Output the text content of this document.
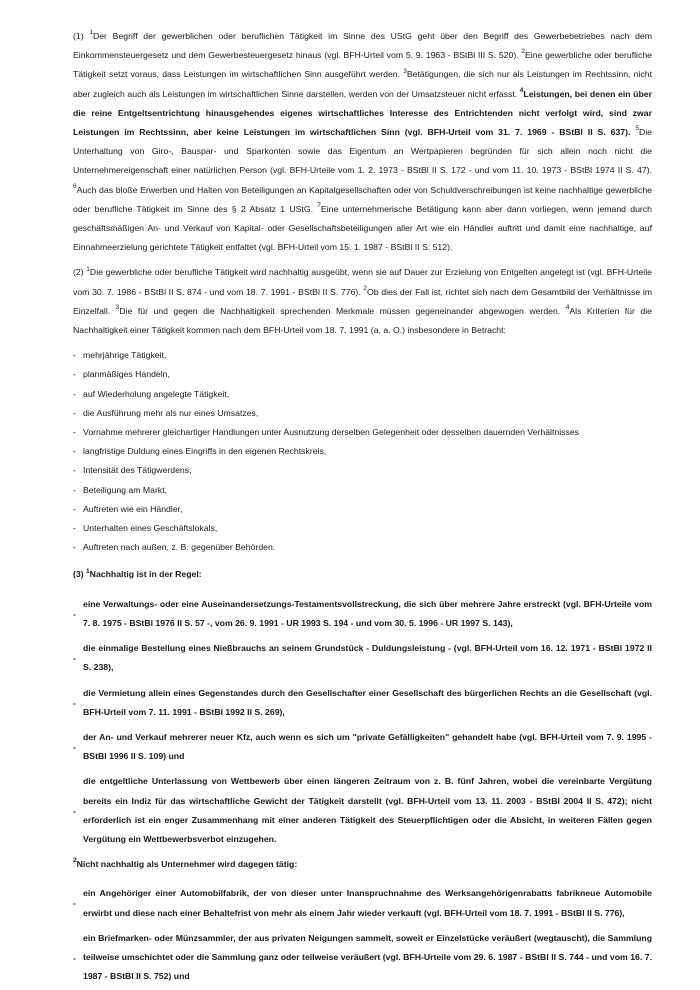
(1) $^1$Der Begriff der gewerblichen oder beruflichen Tätigkeit im Sinne des UStG geht über den Begriff des Gewerbebetriebes nach dem Einkommensteuergesetz und dem Gewerbesteuergesetz hinaus (vgl. BFH-Urteil vom 5. 9. 1963 - BStBl III S. 520). $^2$Eine gewerbliche oder berufliche Tätigkeit setzt voraus, dass Leistungen im wirtschaftlichen Sinn ausgeführt werden. $^3$Betätigungen, die sich nur als Leistungen im Rechtssinn, nicht aber zugleich auch als Leistungen im wirtschaftlichen Sinne darstellen, werden von der Umsatzsteuer nicht erfasst. $^4$Leistungen, bei denen ein über die reine Entgeltsentrichtung hinausgehendes eigenes wirtschaftliches Interesse des Entrichtenden nicht verfolgt wird, sind zwar Leistungen im Rechtssinn, aber keine Leistungen im wirtschaftlichen Sinn (vgl. BFH-Urteil vom 31. 7. 1969 - BStBl II S. 637). $^5$Die Unterhaltung von Giro-, Bauspar- und Sparkonten sowie das Eigentum an Wertpapieren begründen für sich allein noch nicht die Unternehmereigenschaft einer natürlichen Person (vgl. BFH-Urteile vom 1. 2. 1973 - BStBl II S. 172 - und vom 11. 10. 1973 - BStBl 1974 II S. 47). $^6$Auch das bloße Erwerben und Halten von Beteiligungen an Kapitalgesellschaften oder von Schuldverschreibungen ist keine nachhaltige gewerbliche oder berufliche Tätigkeit im Sinne des § 2 Absatz 1 UStG. $^7$Eine unternehmerische Betätigung kann aber dann vorliegen, wenn jemand durch geschäftsmäßigen An- und Verkauf von Kapital- oder Gesellschaftsbeteiligungen aller Art wie ein Händler auftritt und damit eine nachhaltige, auf Einnahmeerzielung gerichtete Tätigkeit entfaltet (vgl. BFH-Urteil vom 15. 1. 1987 - BStBl II S. 512).

(2) $^1$Die gewerbliche oder berufliche Tätigkeit wird nachhaltig ausgeübt, wenn sie auf Dauer zur Erzielung von Entgelten angelegt ist (vgl. BFH-Urteile vom 30. 7. 1986 - BStBl II S. 874 - und vom 18. 7. 1991 - BStBl II S. 776). $^2$Ob dies der Fall ist, richtet sich nach dem Gesamtbild der Verhältnisse im Einzelfall. $^3$Die für und gegen die Nachhaltigkeit sprechenden Merkmale müssen gegeneinander abgewogen werden. $^4$Als Kriterien für die Nachhaltigkeit einer Tätigkeit kommen nach dem BFH-Urteil vom 18. 7. 1991 (a. a. O.) insbesondere in Betracht:

- mehrjährige Tätigkeit,
- planmäßiges Handeln,
- auf Wiederholung angelegte Tätigkeit,
- die Ausführung mehr als nur eines Umsatzes,
- Vornahme mehrerer gleichartiger Handlungen unter Ausnutzung derselben Gelegenheit oder desselben dauernden Verhältnisses
- langfristige Duldung eines Eingriffs in den eigenen Rechtskreis,
- Intensität des Tätigwerdens,
- Beteiligung am Markt,
- Auftreten wie ein Händler,
- Unterhalten eines Geschäftslokals,
- Auftreten nach außen, z. B. gegenüber Behörden.

(3) $^1$Nachhaltig ist in der Regel:

-
eine Verwaltungs- oder eine Auseinandersetzungs-Testamentsvollstreckung, die sich über mehrere Jahre erstreckt (vgl. BFH-Urteile vom 7. 8. 1975 - BStBl 1976 II S. 57 -, vom 26. 9. 1991 - UR 1993 S. 194 - und vom 30. 5. 1996 - UR 1997 S. 143),
-
die einmalige Bestellung eines Nießbrauchs an seinem Grundstück - Duldungsleistung - (vgl. BFH-Urteil vom 16. 12. 1971 - BStBl 1972 II S. 238),
-
die Vermietung allein eines Gegenstandes durch den Gesellschafter einer Gesellschaft des bürgerlichen Rechts an die Gesellschaft (vgl. BFH-Urteil vom 7. 11. 1991 - BStBl 1992 II S. 269),
-
der An- und Verkauf mehrerer neuer Kfz, auch wenn es sich um "private Gefälligkeiten" gehandelt habe (vgl. BFH-Urteil vom 7. 9. 1995 - BStBl 1996 II S. 109) und
-
die entgeltliche Unterlassung von Wettbewerb über einen längeren Zeitraum von z. B. fünf Jahren, wobei die vereinbarte Vergütung bereits ein Indiz für das wirtschaftliche Gewicht der Tätigkeit darstellt (vgl. BFH-Urteil vom 13. 11. 2003 - BStBl 2004 II S. 472); nicht erforderlich ist ein enger Zusammenhang mit einer anderen Tätigkeit des Steuerpflichtigen oder die Absicht, in weiteren Fällen gegen Vergütung ein Wettbewerbsverbot einzugehen.

$^2$Nicht nachhaltig als Unternehmer wird dagegen tätig:

-
ein Angehöriger einer Automobilfabrik, der von dieser unter Inanspruchnahme des Werksangehörigenrabatts fabrikneue Automobile erwirbt und diese nach einer Behaltefrist von mehr als einem Jahr wieder verkauft (vgl. BFH-Urteil vom 18. 7. 1991 - BStBl II S. 776),
-
ein Briefmarken- oder Münzsammler, der aus privaten Neigungen sammelt, soweit er Einzelstücke veräußert (wegtauscht), die Sammlung teilweise umschichtet oder die Sammlung ganz oder teilweise veräußert (vgl. BFH-Urteile vom 29. 6. 1987 - BStBl II S. 744 - und vom 16. 7. 1987 - BStBl II S. 752) und
